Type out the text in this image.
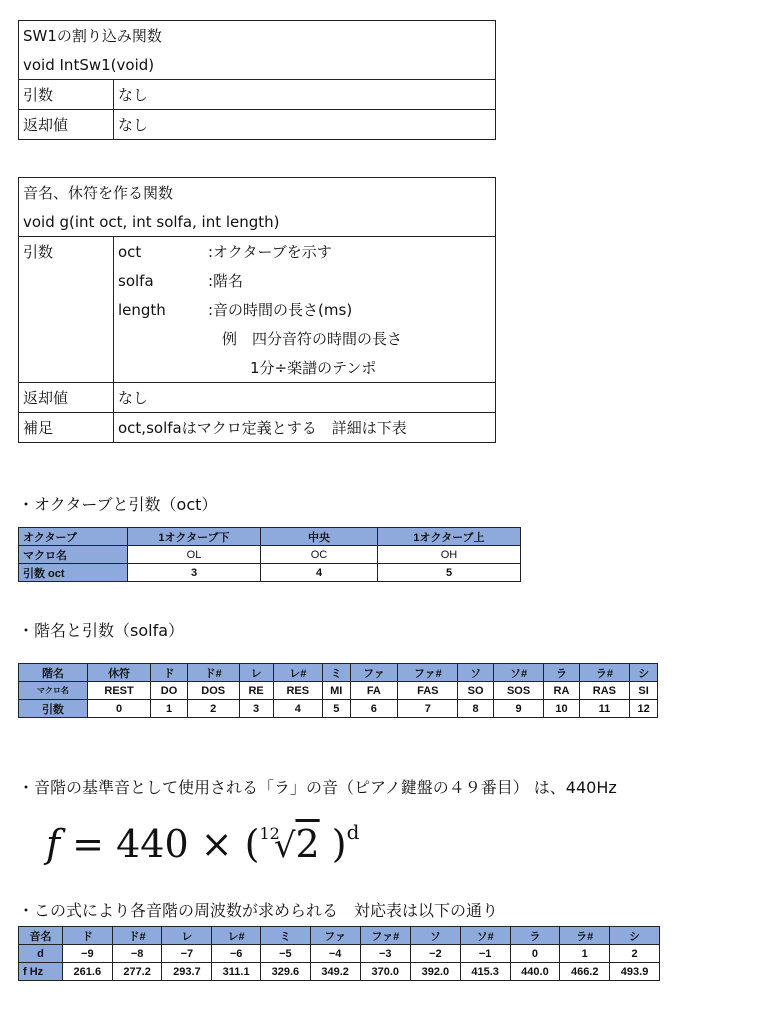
SW1の割り込み関数	
void IntSw1(void)	
引数	なし
返却値	なし
音名、休符を作る関数		
void g(int oct, int solfa, int length)		
引数	oct	:オクターブを示す
	solfa	:階名
	length	:音の時間の長さ(ms)
		例　四分音符の時間の長さ
		1分÷楽譜のテンポ
返却値	なし	
補足	oct,solfaはマクロ定義とする　詳細は下表	
・オクターブと引数（oct）
オクターブ	1オクターブ下	中央	1オクターブ上
マクロ名	OL	OC	OH
引数 oct	3	4	5
・階名と引数（solfa）
階名	休符	ド	ド#	レ	レ#	ミ	ファ	ファ#	ソ	ソ#	ラ	ラ#	シ
マクロ名	REST	DO	DOS	RE	RES	MI	FA	FAS	SO	SOS	RA	RAS	SI
引数	0	1	2	3	4	5	6	7	8	9	10	11	12
・音階の基準音として使用される「ラ」の音（ピアノ鍵盤の４９番目） は、440Hz
f = 440 × ($^{12}$√2 )$^d$
・この式により各音階の周波数が求められる　対応表は以下の通り
音名	ド	ド#	レ	レ#	ミ	ファ	ファ#	ソ	ソ#	ラ	ラ#	シ
d	−9	−8	−7	−6	−5	−4	−3	−2	−1	0	1	2
f Hz	261.6	277.2	293.7	311.1	329.6	349.2	370.0	392.0	415.3	440.0	466.2	493.9
